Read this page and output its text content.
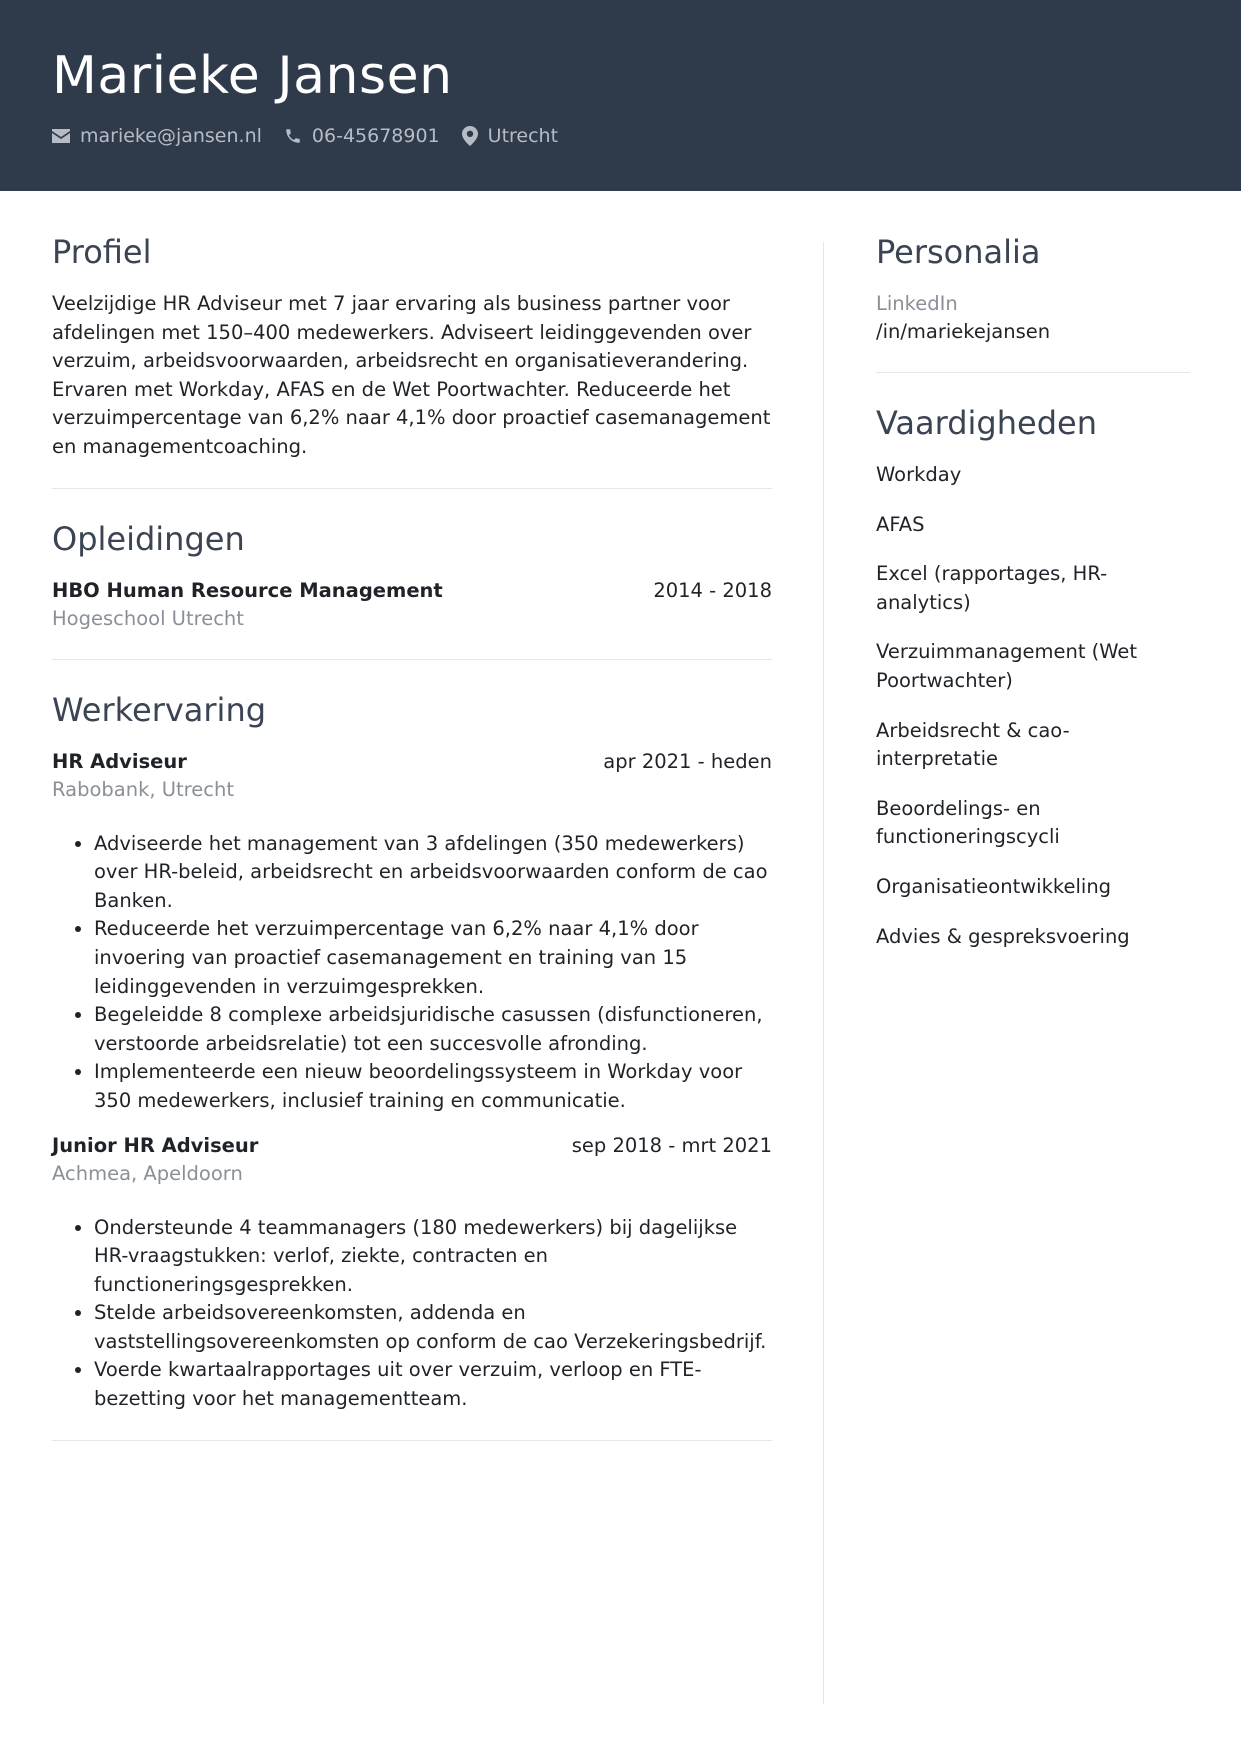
Marieke Jansen
marieke@jansen.nl	06-45678901	Utrecht
Profiel

Veelzijdige HR Adviseur met 7 jaar ervaring als business partner voor afdelingen met 150–400 medewerkers. Adviseert leidinggevenden over verzuim, arbeidsvoorwaarden, arbeidsrecht en organisatieverandering. Ervaren met Workday, AFAS en de Wet Poortwachter. Reduceerde het verzuimpercentage van 6,2% naar 4,1% door proactief casemanagement en managementcoaching.

Opleidingen
HBO Human Resource Management	2014 - 2018
Hogeschool Utrecht
Werkervaring
HR Adviseur	apr 2021 - heden
Rabobank, Utrecht
• Adviseerde het management van 3 afdelingen (350 medewerkers) over HR-beleid, arbeidsrecht en arbeidsvoorwaarden conform de cao Banken.
• Reduceerde het verzuimpercentage van 6,2% naar 4,1% door invoering van proactief casemanagement en training van 15 leidinggevenden in verzuimgesprekken.
• Begeleidde 8 complexe arbeidsjuridische casussen (disfunctioneren, verstoorde arbeidsrelatie) tot een succesvolle afronding.
• Implementeerde een nieuw beoordelingssysteem in Workday voor 350 medewerkers, inclusief training en communicatie.
Junior HR Adviseur	sep 2018 - mrt 2021
Achmea, Apeldoorn
• Ondersteunde 4 teammanagers (180 medewerkers) bij dagelijkse HR-vraagstukken: verlof, ziekte, contracten en functioneringsgesprekken.
• Stelde arbeidsovereenkomsten, addenda en vaststellingsovereenkomsten op conform de cao Verzekeringsbedrijf.
• Voerde kwartaalrapportages uit over verzuim, verloop en FTE-bezetting voor het managementteam.
Personalia
LinkedIn
/in/mariekejansen
Vaardigheden
Workday
AFAS
Excel (rapportages, HR-analytics)
Verzuimmanagement (Wet Poortwachter)
Arbeidsrecht & cao-interpretatie
Beoordelings- en functioneringscycli
Organisatieontwikkeling
Advies & gespreksvoering
